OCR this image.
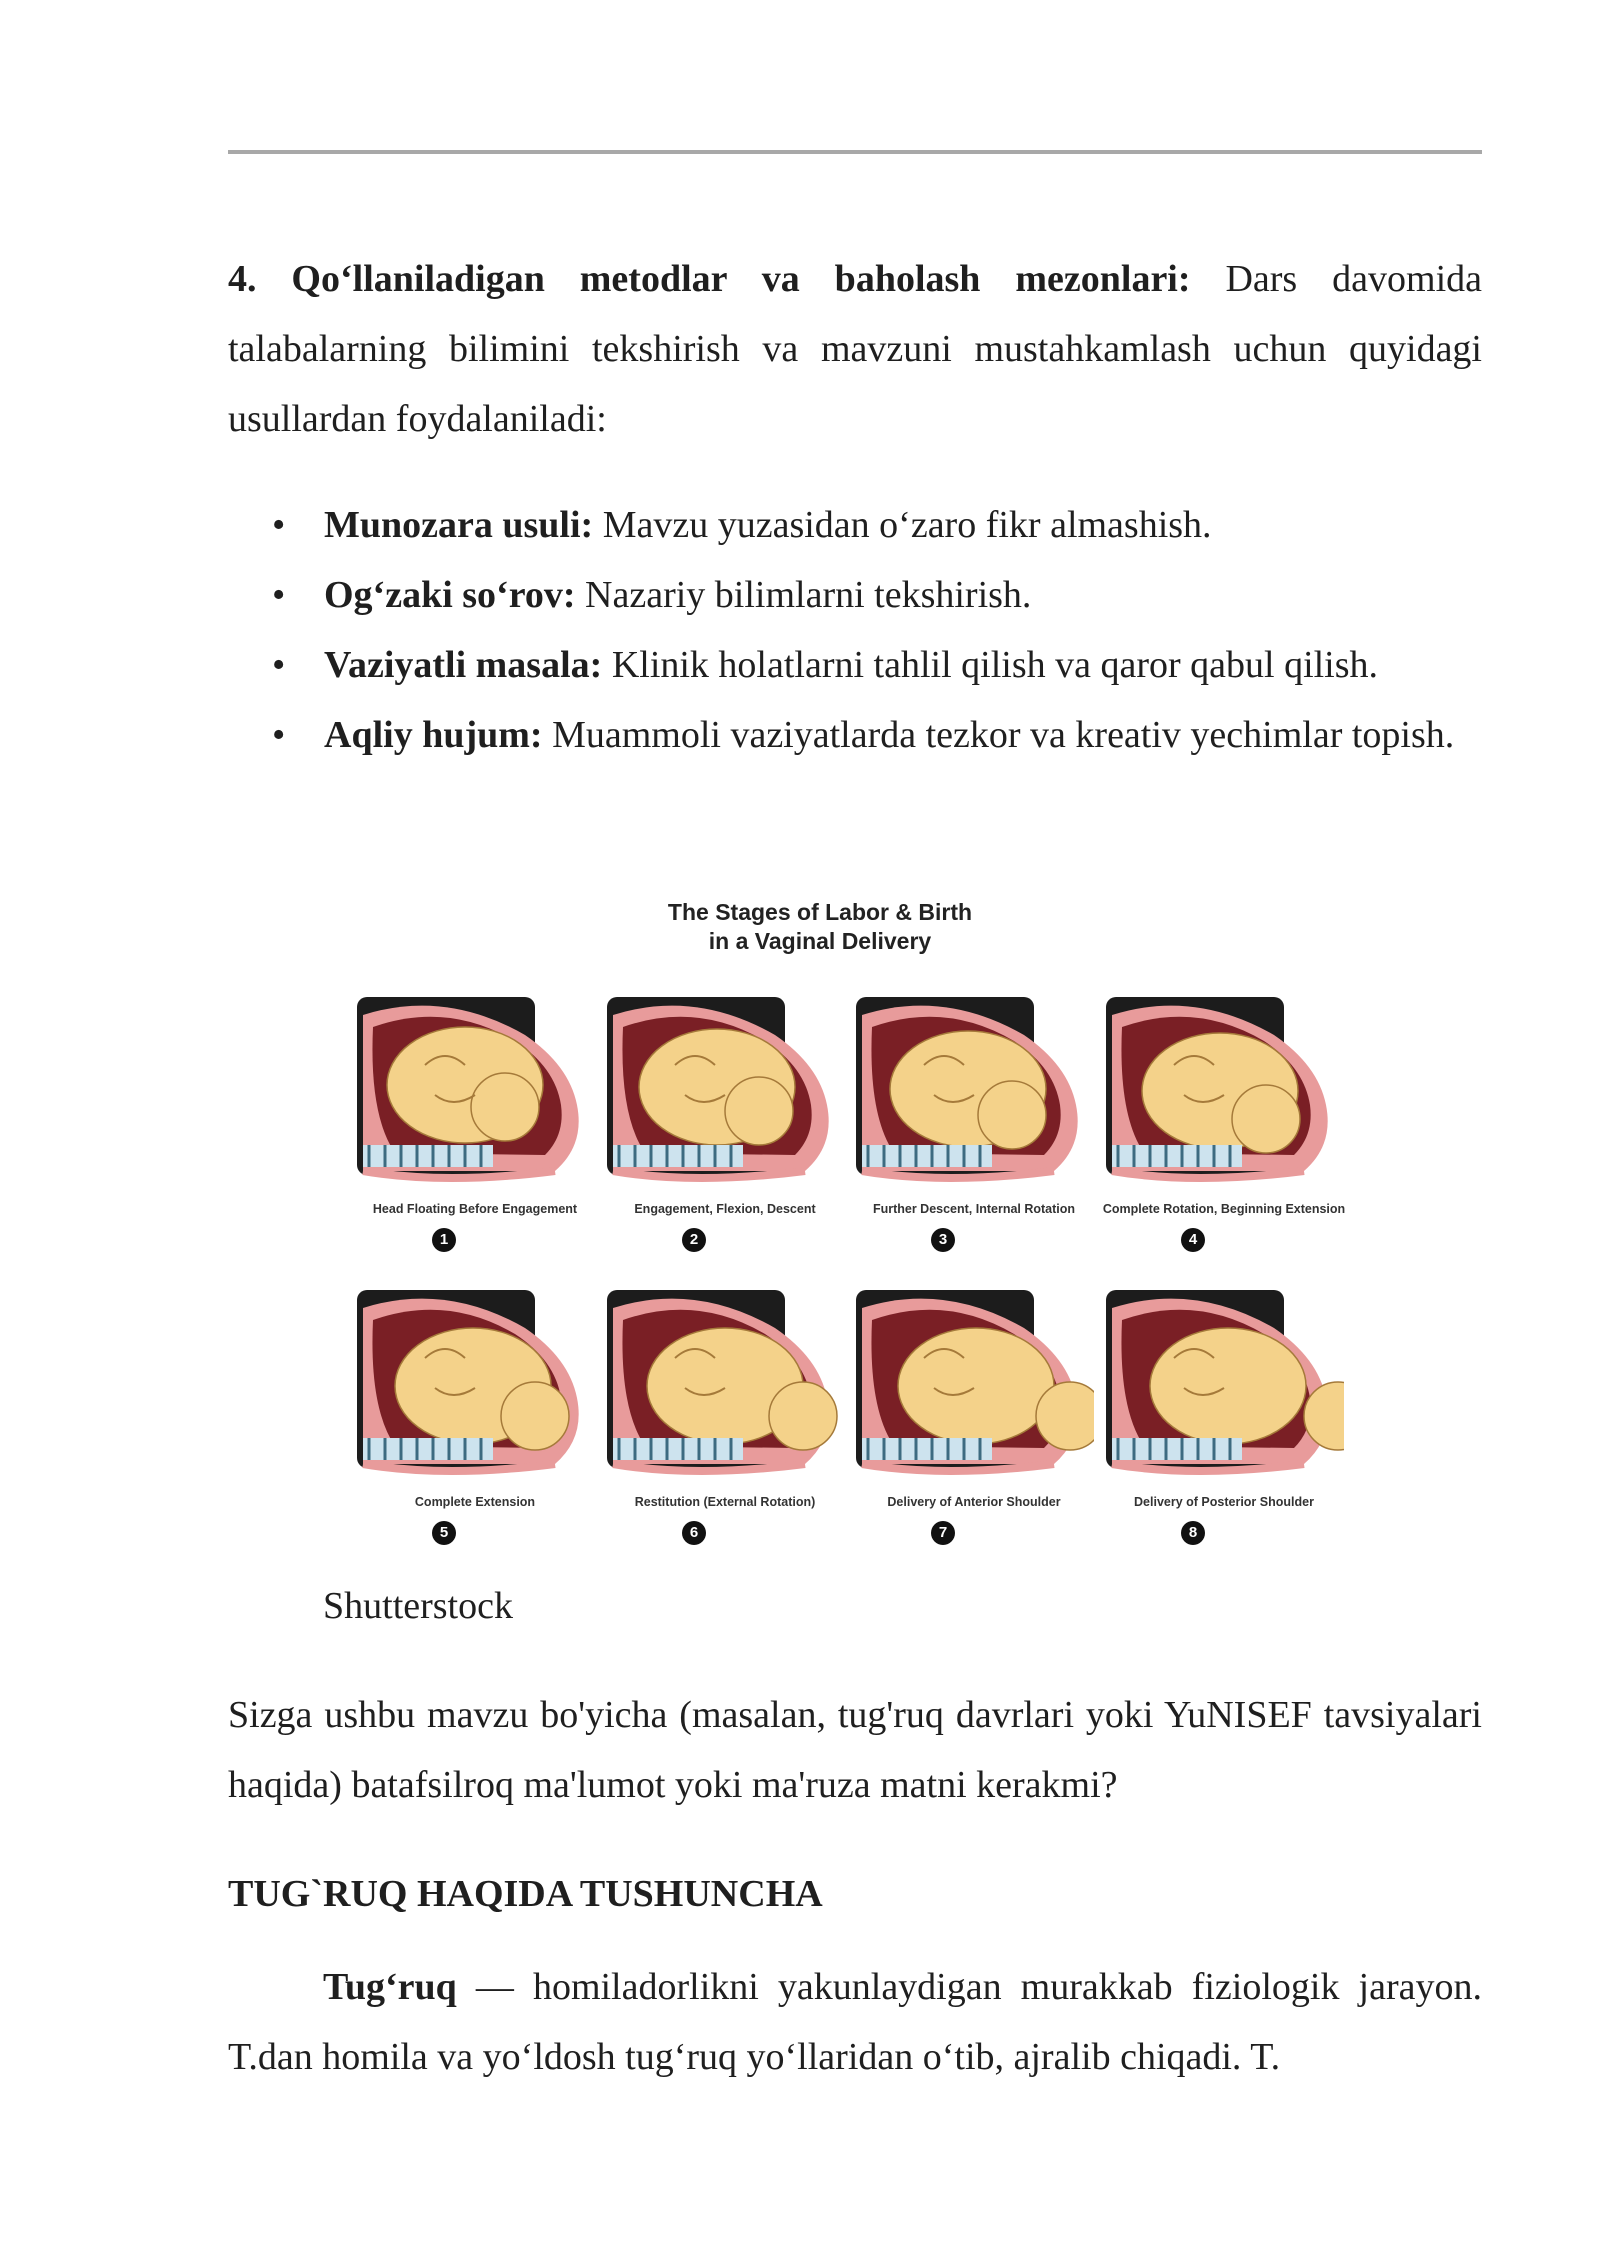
4. Qo‘llaniladigan metodlar va baholash mezonlari: Dars davomida talabalarning bilimini tekshirish va mavzuni mustahkamlash uchun quyidagi usullardan foydalaniladi:

• Munozara usuli: Mavzu yuzasidan o‘zaro fikr almashish.
• Og‘zaki so‘rov: Nazariy bilimlarni tekshirish.
• Vaziyatli masala: Klinik holatlarni tahlil qilish va qaror qabul qilish.
• Aqliy hujum: Muammoli vaziyatlarda tezkor va kreativ yechimlar topish.
The Stages of Labor & Birth
in a Vaginal Delivery
Head Floating Before Engagement
1
Engagement, Flexion, Descent
2
Further Descent, Internal Rotation
3
Complete Rotation, Beginning Extension
4
Complete Extension
5
Restitution (External Rotation)
6
Delivery of Anterior Shoulder
7
Delivery of Posterior Shoulder
8
Shutterstock

Sizga ushbu mavzu bo'yicha (masalan, tug'ruq davrlari yoki YuNISEF tavsiyalari haqida) batafsilroq ma'lumot yoki ma'ruza matni kerakmi?

TUG`RUQ HAQIDA TUSHUNCHA

Tug‘ruq — homiladorlikni yakunlaydigan murakkab fiziologik jarayon. T.dan homila va yo‘ldosh tug‘ruq yo‘llaridan o‘tib, ajralib chiqadi. T.
